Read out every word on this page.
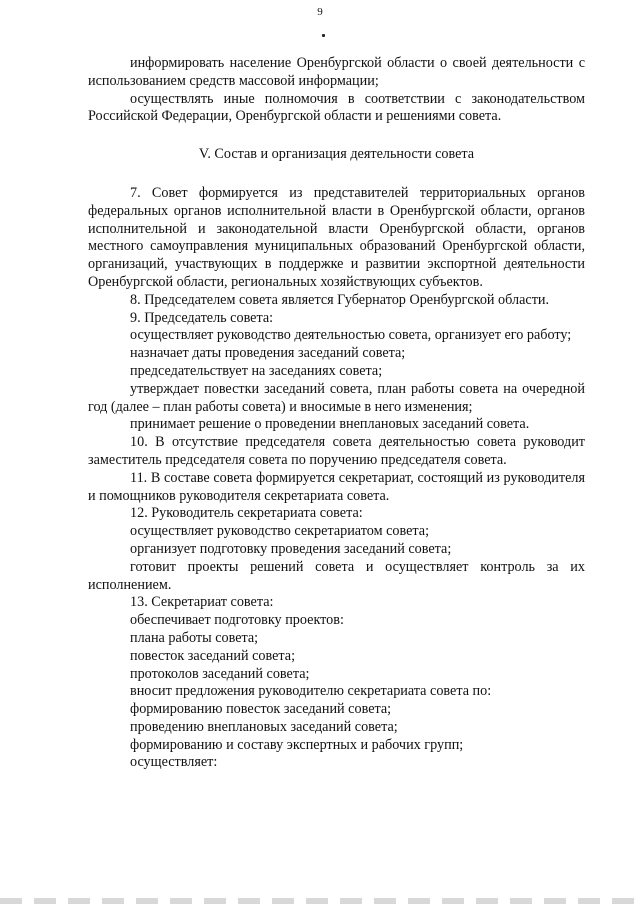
9

информировать население Оренбургской области о своей деятельности с использованием средств массовой информации;

осуществлять иные полномочия в соответствии с законодательством Российской Федерации, Оренбургской области и решениями совета.

V. Состав и организация деятельности совета

7. Совет формируется из представителей территориальных органов федеральных органов исполнительной власти в Оренбургской области, органов исполнительной и законодательной власти Оренбургской области, органов местного самоуправления муниципальных образований Оренбургской области, организаций, участвующих в поддержке и развитии экспортной деятельности Оренбургской области, региональных хозяйствующих субъектов.

8. Председателем совета является Губернатор Оренбургской области.

9. Председатель совета:

осуществляет руководство деятельностью совета, организует его работу;

назначает даты проведения заседаний совета;

председательствует на заседаниях совета;

утверждает повестки заседаний совета, план работы совета на очередной год (далее – план работы совета) и вносимые в него изменения;

принимает решение о проведении внеплановых заседаний совета.

10. В отсутствие председателя совета деятельностью совета руководит заместитель председателя совета по поручению председателя совета.

11. В составе совета формируется секретариат, состоящий из руководителя и помощников руководителя секретариата совета.

12. Руководитель секретариата совета:

осуществляет руководство секретариатом совета;

организует подготовку проведения заседаний совета;

готовит проекты решений совета и осуществляет контроль за их исполнением.

13. Секретариат совета:

обеспечивает подготовку проектов:

плана работы совета;

повесток заседаний совета;

протоколов заседаний совета;

вносит предложения руководителю секретариата совета по:

формированию повесток заседаний совета;

проведению внеплановых заседаний совета;

формированию и составу экспертных и рабочих групп;

осуществляет:
